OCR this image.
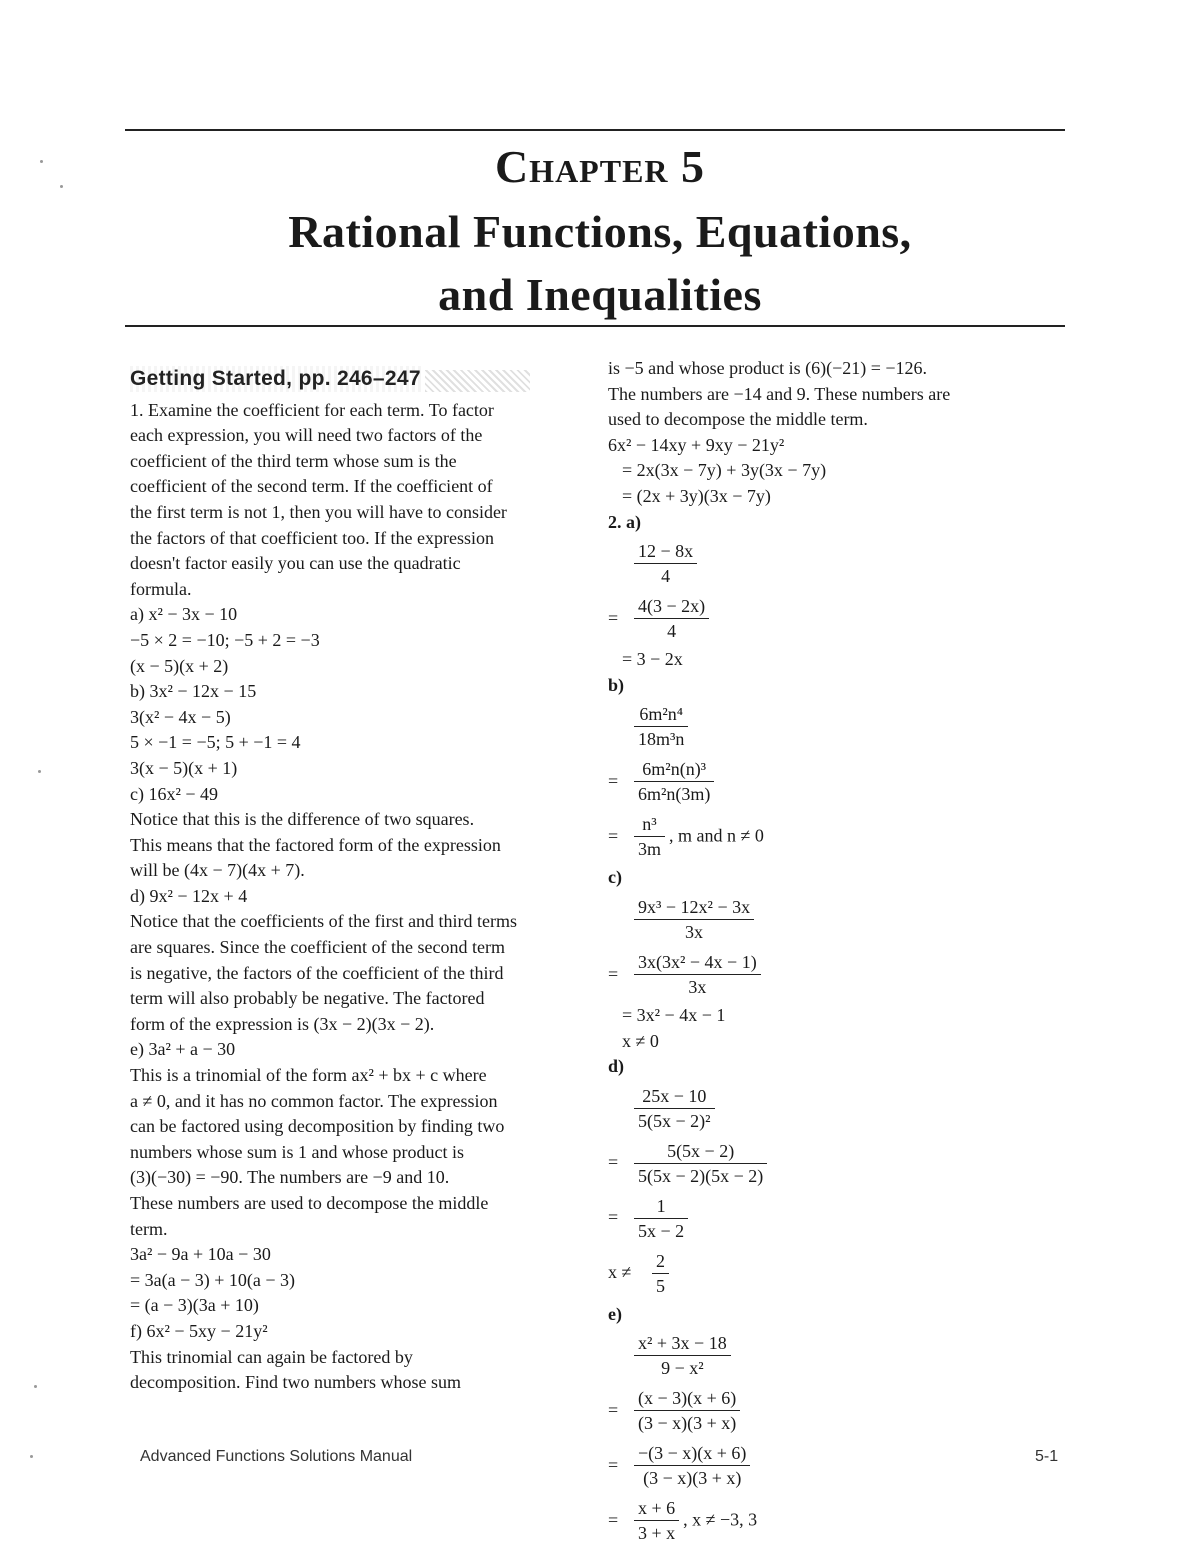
Chapter 5
Rational Functions, Equations,
and Inequalities
Getting Started, pp. 246–247
1. Examine the coefficient for each term. To factor
each expression, you will need two factors of the
coefficient of the third term whose sum is the
coefficient of the second term. If the coefficient of
the first term is not 1, then you will have to consider
the factors of that coefficient too. If the expression
doesn't factor easily you can use the quadratic
formula.
a) x² − 3x − 10
−5 × 2 = −10; −5 + 2 = −3
(x − 5)(x + 2)
b) 3x² − 12x − 15
3(x² − 4x − 5)
5 × −1 = −5; 5 + −1 = 4
3(x − 5)(x + 1)
c) 16x² − 49
Notice that this is the difference of two squares.
This means that the factored form of the expression
will be (4x − 7)(4x + 7).
d) 9x² − 12x + 4
Notice that the coefficients of the first and third terms
are squares. Since the coefficient of the second term
is negative, the factors of the coefficient of the third
term will also probably be negative. The factored
form of the expression is (3x − 2)(3x − 2).
e) 3a² + a − 30
This is a trinomial of the form ax² + bx + c where
a ≠ 0, and it has no common factor. The expression
can be factored using decomposition by finding two
numbers whose sum is 1 and whose product is
(3)(−30) = −90. The numbers are −9 and 10.
These numbers are used to decompose the middle
term.
3a² − 9a + 10a − 30
= 3a(a − 3) + 10(a − 3)
= (a − 3)(3a + 10)
f) 6x² − 5xy − 21y²
This trinomial can again be factored by
decomposition. Find two numbers whose sum
is −5 and whose product is (6)(−21) = −126.
The numbers are −14 and 9. These numbers are
used to decompose the middle term.
6x² − 14xy + 9xy − 21y²
= 2x(3x − 7y) + 3y(3x − 7y)
= (2x + 3y)(3x − 7y)
2. a)
$\frac{12 - 8x}{4}$
= $\frac{4(3 - 2x)}{4}$
= 3 − 2x
b)
$\frac{\text{6m²n⁴}}{\text{18m³n}}$
= $\frac{\text{6m²n(n)³}}{\text{6m²n(3m)}}$
= $\frac{\text{n³}}{3m}$ , m and n ≠ 0
c)
$\frac{\text{9x³ − 12x² − 3x}}{3x}$
= $\frac{\text{3x(3x² − 4x − 1)}}{3x}$
= 3x² − 4x − 1
x ≠ 0
d)
$\frac{25x - 10}{\text{5(5x − 2)²}}$
= $\frac{5(5x - 2)}{5(5x - 2)(5x - 2)}$
= $\frac{1}{5x - 2}$
$x \ne \frac{2}{5}$
e)
$\frac{\text{x² + 3x − 18}}{\text{9 − x²}}$
= $\frac{(x - 3)(x + 6)}{(3 - x)(3 + x)}$
= $\frac{-(3 - x)(x + 6)}{(3 - x)(3 + x)}$
= $\frac{x + 6}{3 + x}$ , x ≠ −3, 3
Advanced Functions Solutions Manual	5-1
